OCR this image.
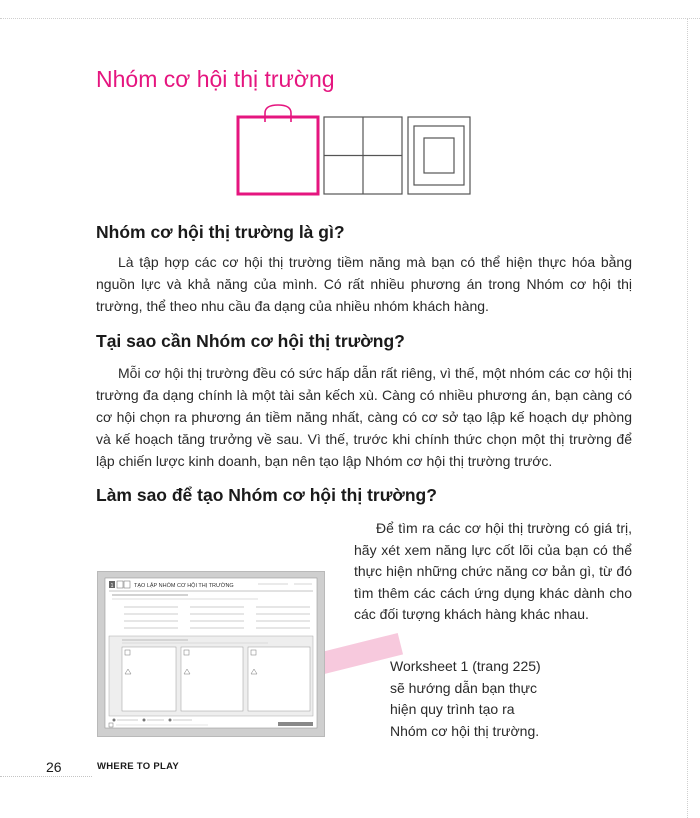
Nhóm cơ hội thị trường
Nhóm cơ hội thị trường là gì?

Là tập hợp các cơ hội thị trường tiềm năng mà bạn có thể hiện thực hóa bằng nguồn lực và khả năng của mình. Có rất nhiều phương án trong Nhóm cơ hội thị trường, thể theo nhu cầu đa dạng của nhiều nhóm khách hàng.

Tại sao cần Nhóm cơ hội thị trường?

Mỗi cơ hội thị trường đều có sức hấp dẫn rất riêng, vì thế, một nhóm các cơ hội thị trường đa dạng chính là một tài sản kếch xù. Càng có nhiều phương án, bạn càng có cơ hội chọn ra phương án tiềm năng nhất, càng có cơ sở tạo lập kế hoạch dự phòng và kế hoạch tăng trưởng về sau. Vì thế, trước khi chính thức chọn một thị trường để lập chiến lược kinh doanh, bạn nên tạo lập Nhóm cơ hội thị trường trước.

Làm sao để tạo Nhóm cơ hội thị trường?

Để tìm ra các cơ hội thị trường có giá trị, hãy xét xem năng lực cốt lõi của bạn có thể thực hiện những chức năng cơ bản gì, từ đó tìm thêm các cách ứng dụng khác dành cho các đối tượng khách hàng khác nhau.

Worksheet 1 (trang 225) sẽ hướng dẫn bạn thực hiện quy trình tạo ra Nhóm cơ hội thị trường.

1	TẠO LẬP NHÓM CƠ HỘI THỊ TRƯỜNG
26	WHERE TO PLAY
